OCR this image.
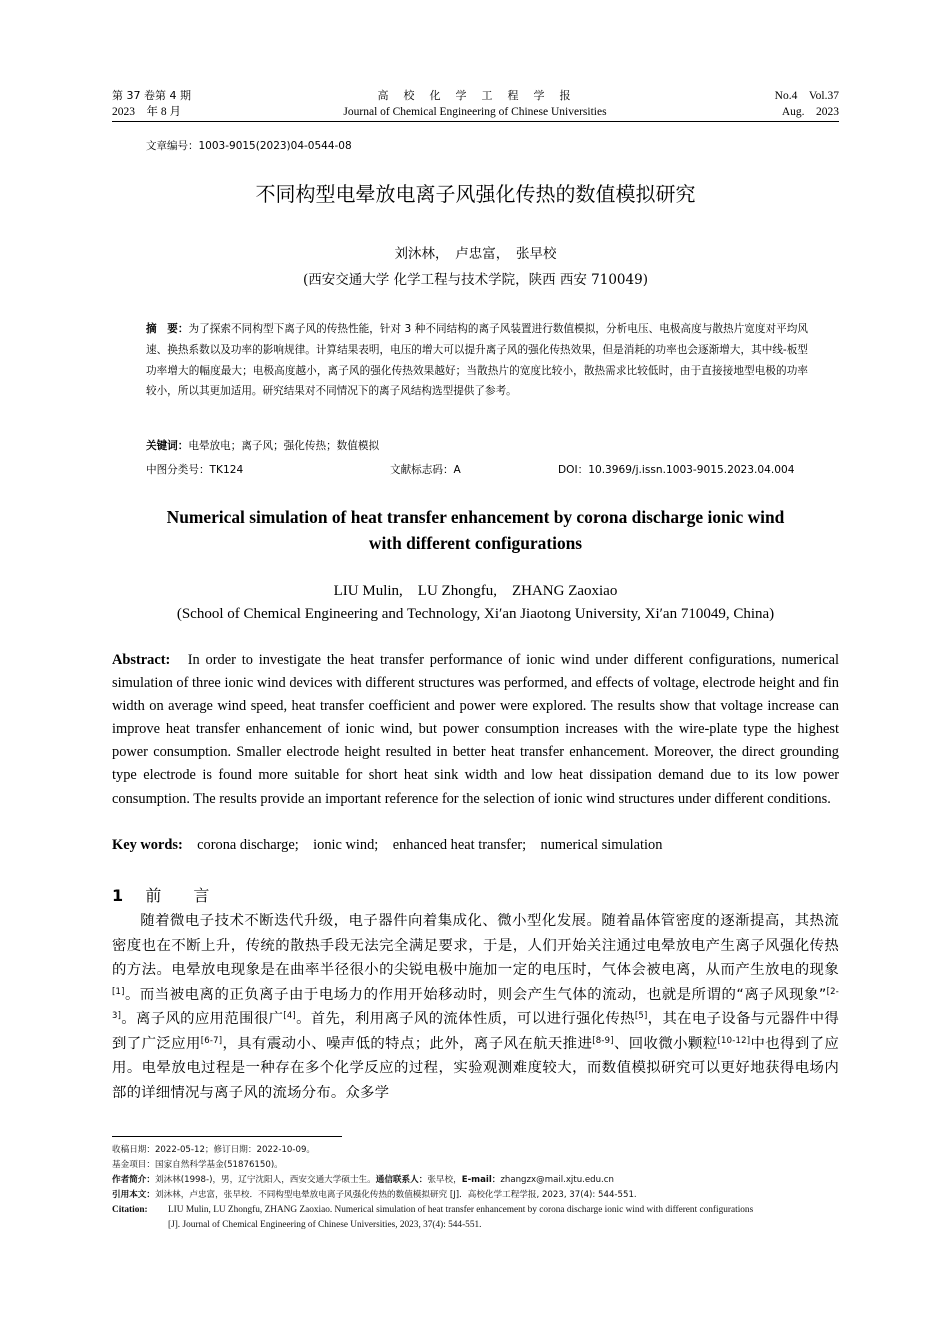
第 37 卷第 4 期
2023　年 8 月
高　校　化　学　工　程　学　报
Journal of Chemical Engineering of Chinese Universities
No.4　Vol.37
Aug.　2023
文章编号：1003-9015(2023)04-0544-08
不同构型电晕放电离子风强化传热的数值模拟研究
刘沐林，　卢忠富，　张早校
(西安交通大学 化学工程与技术学院，陕西 西安 710049)
摘　要：为了探索不同构型下离子风的传热性能，针对 3 种不同结构的离子风装置进行数值模拟，分析电压、电极高度与散热片宽度对平均风速、换热系数以及功率的影响规律。计算结果表明，电压的增大可以提升离子风的强化传热效果，但是消耗的功率也会逐渐增大，其中线-板型功率增大的幅度最大；电极高度越小，离子风的强化传热效果越好；当散热片的宽度比较小，散热需求比较低时，由于直接接地型电极的功率较小，所以其更加适用。研究结果对不同情况下的离子风结构选型提供了参考。
关键词：电晕放电；离子风；强化传热；数值模拟
中图分类号：TK124	文献标志码：A	DOI：10.3969/j.issn.1003-9015.2023.04.004
Numerical simulation of heat transfer enhancement by corona discharge ionic wind
with different configurations
LIU Mulin,　LU Zhongfu,　ZHANG Zaoxiao
(School of Chemical Engineering and Technology, Xi′an Jiaotong University, Xi′an 710049, China)
Abstract: In order to investigate the heat transfer performance of ionic wind under different configurations, numerical simulation of three ionic wind devices with different structures was performed, and effects of voltage, electrode height and fin width on average wind speed, heat transfer coefficient and power were explored. The results show that voltage increase can improve heat transfer enhancement of ionic wind, but power consumption increases with the wire-plate type the highest power consumption. Smaller electrode height resulted in better heat transfer enhancement. Moreover, the direct grounding type electrode is found more suitable for short heat sink width and low heat dissipation demand due to its low power consumption. The results provide an important reference for the selection of ionic wind structures under different conditions.
Key words: corona discharge;　ionic wind;　enhanced heat transfer;　numerical simulation
1 前　　言
随着微电子技术不断迭代升级，电子器件向着集成化、微小型化发展。随着晶体管密度的逐渐提高，其热流密度也在不断上升，传统的散热手段无法完全满足要求，于是，人们开始关注通过电晕放电产生离子风强化传热的方法。电晕放电现象是在曲率半径很小的尖锐电极中施加一定的电压时，气体会被电离，从而产生放电的现象[1]。而当被电离的正负离子由于电场力的作用开始移动时，则会产生气体的流动，也就是所谓的“离子风现象”[2-3]。离子风的应用范围很广[4]。首先，利用离子风的流体性质，可以进行强化传热[5]，其在电子设备与元器件中得到了广泛应用[6-7]，具有震动小、噪声低的特点；此外，离子风在航天推进[8-9]、回收微小颗粒[10-12]中也得到了应用。电晕放电过程是一种存在多个化学反应的过程，实验观测难度较大，而数值模拟研究可以更好地获得电场内部的详细情况与离子风的流场分布。众多学
收稿日期：2022-05-12；修订日期：2022-10-09。
基金项目：国家自然科学基金(51876150)。
作者简介：刘沐林(1998-)，男，辽宁沈阳人，西安交通大学硕士生。通信联系人：张早校，E-mail：zhangzx@mail.xjtu.edu.cn
引用本文：刘沐林，卢忠富，张早校．不同构型电晕放电离子风强化传热的数值模拟研究 [J]．高校化学工程学报, 2023, 37(4): 544-551.
Citation: LIU Mulin, LU Zhongfu, ZHANG Zaoxiao. Numerical simulation of heat transfer enhancement by corona discharge ionic wind with different configurations
[J]. Journal of Chemical Engineering of Chinese Universities, 2023, 37(4): 544-551.
